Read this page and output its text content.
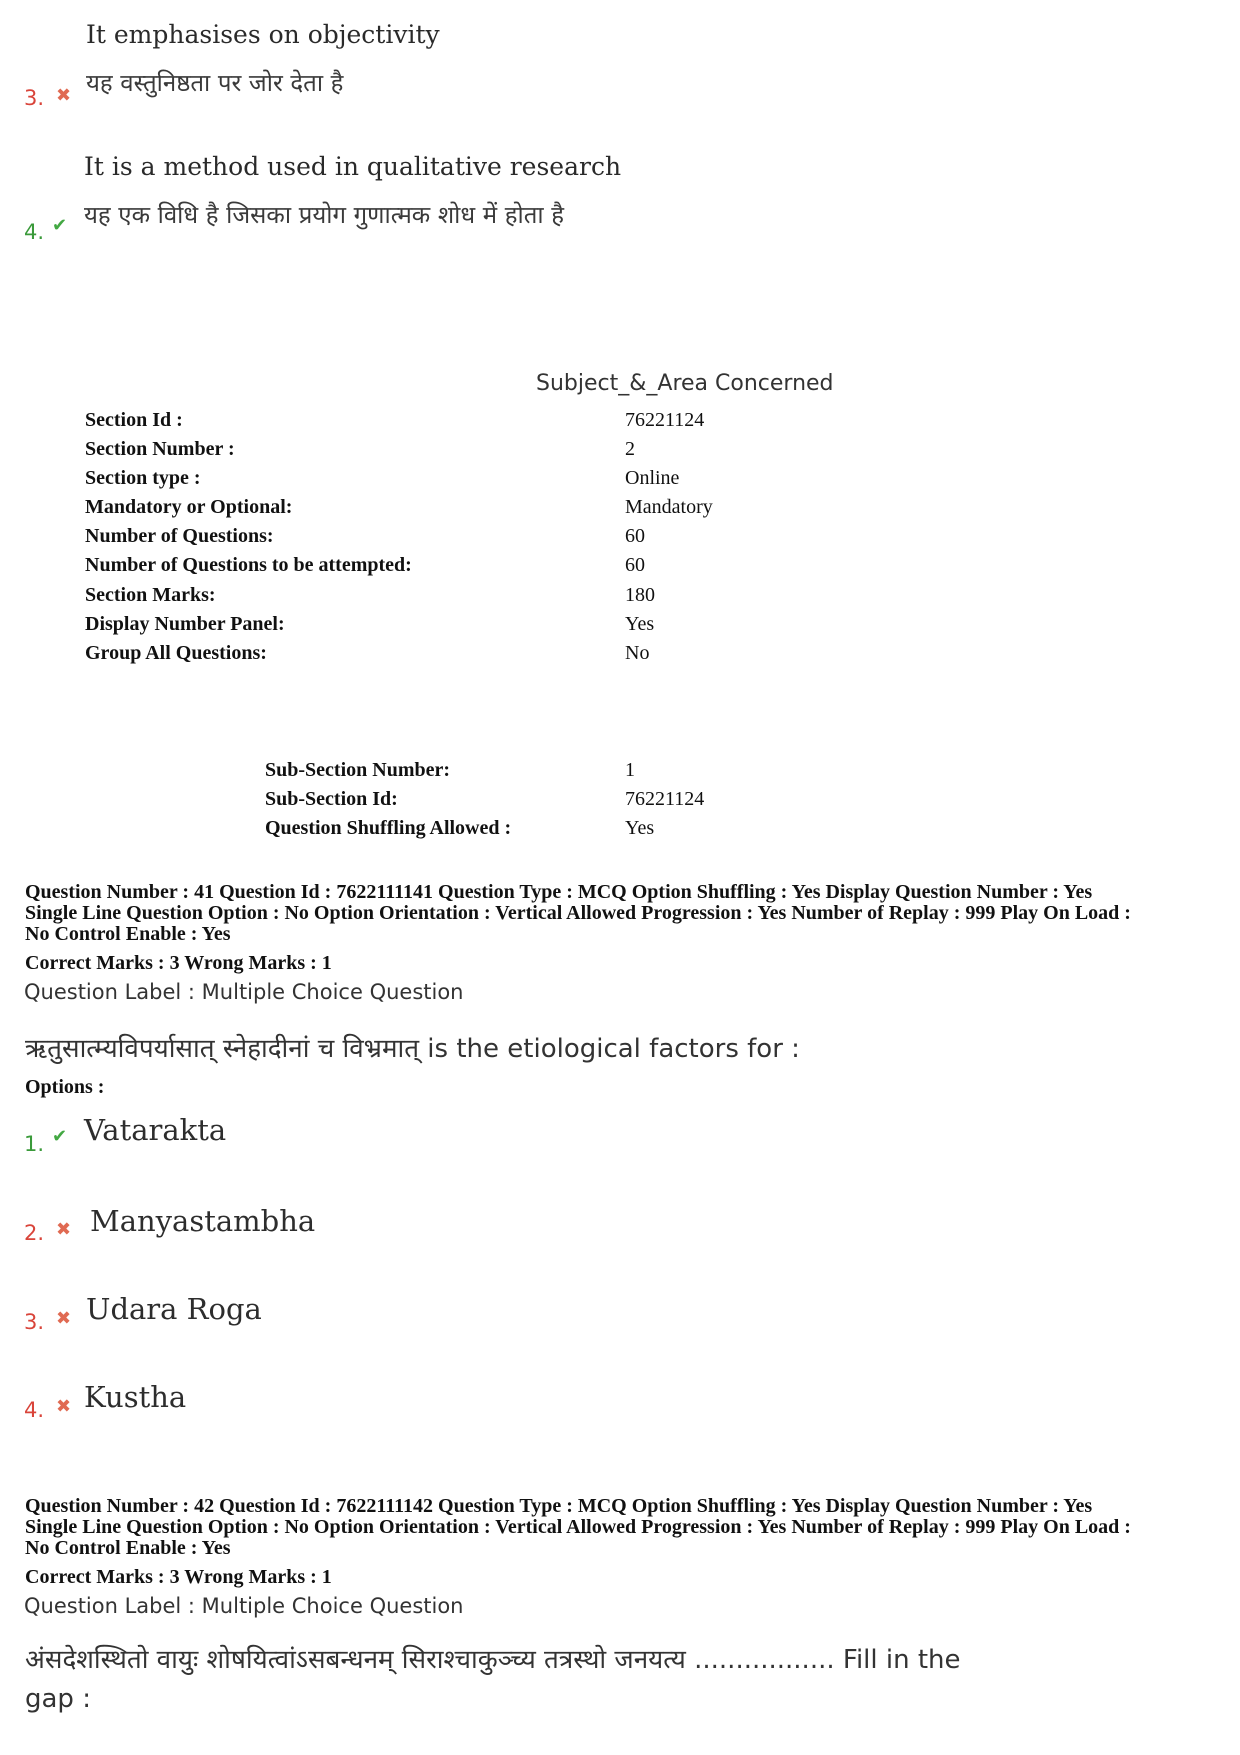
It emphasises on objectivity
3. ✖ यह वस्तुनिष्ठता पर जोर देता है
It is a method used in qualitative research
4. ✔ यह एक विधि है जिसका प्रयोग गुणात्मक शोध में होता है
Subject_&_Area Concerned
Section Id :	76221124
Section Number :	2
Section type :	Online
Mandatory or Optional:	Mandatory
Number of Questions:	60
Number of Questions to be attempted:	60
Section Marks:	180
Display Number Panel:	Yes
Group All Questions:	No
Sub-Section Number:	1
Sub-Section Id:	76221124
Question Shuffling Allowed :	Yes
Question Number : 41 Question Id : 7622111141 Question Type : MCQ Option Shuffling : Yes Display Question Number : Yes
Single Line Question Option : No Option Orientation : Vertical Allowed Progression : Yes Number of Replay : 999 Play On Load :
No Control Enable : Yes
Correct Marks : 3 Wrong Marks : 1
Question Label : Multiple Choice Question
ऋतुसात्म्यविपर्यासात् स्नेहादीनां च विभ्रमात् is the etiological factors for :
Options :
1. ✔ Vatarakta
2. ✖ Manyastambha
3. ✖ Udara Roga
4. ✖ Kustha
Question Number : 42 Question Id : 7622111142 Question Type : MCQ Option Shuffling : Yes Display Question Number : Yes
Single Line Question Option : No Option Orientation : Vertical Allowed Progression : Yes Number of Replay : 999 Play On Load :
No Control Enable : Yes
Correct Marks : 3 Wrong Marks : 1
Question Label : Multiple Choice Question
अंसदेशस्थितो वायुः शोषयित्वांऽसबन्धनम् सिराश्चाकुञ्च्य तत्रस्थो जनयत्य ................. Fill in the
gap :
